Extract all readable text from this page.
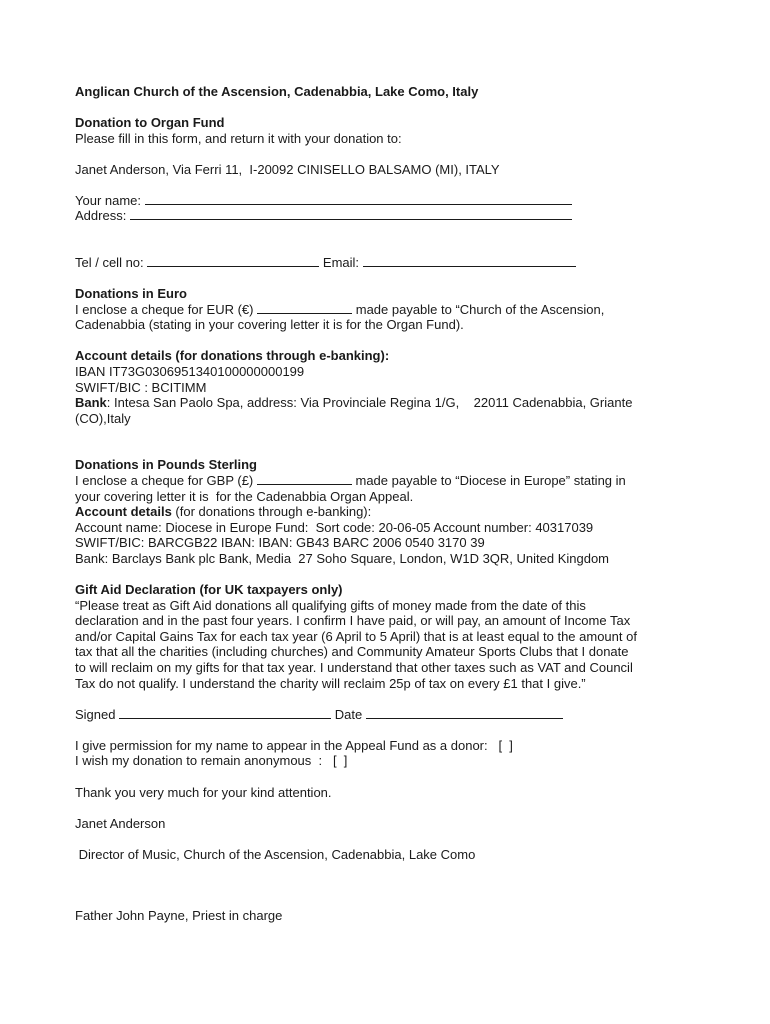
Anglican Church of the Ascension, Cadenabbia, Lake Como, Italy
Donation to Organ Fund
Please fill in this form, and return it with your donation to:
Janet Anderson, Via Ferri 11,  I-20092 CINISELLO BALSAMO (MI), ITALY
Your name:
Address:
Tel / cell no:	Email:
Donations in Euro
I enclose a cheque for EUR (€)	made payable to “Church of the Ascension,
Cadenabbia (stating in your covering letter it is for the Organ Fund).
Account details (for donations through e-banking):
IBAN IT73G0306951340100000000199
SWIFT/BIC : BCITIMM
Bank: Intesa San Paolo Spa, address: Via Provinciale Regina 1/G,    22011 Cadenabbia, Griante
(CO),Italy
Donations in Pounds Sterling
I enclose a cheque for GBP (£)	made payable to “Diocese in Europe” stating in
your covering letter it is  for the Cadenabbia Organ Appeal.
Account details (for donations through e-banking):
Account name: Diocese in Europe Fund:  Sort code: 20-06-05 Account number: 40317039
SWIFT/BIC: BARCGB22 IBAN: IBAN: GB43 BARC 2006 0540 3170 39
Bank: Barclays Bank plc Bank, Media  27 Soho Square, London, W1D 3QR, United Kingdom
Gift Aid Declaration (for UK taxpayers only)
“Please treat as Gift Aid donations all qualifying gifts of money made from the date of this
declaration and in the past four years. I confirm I have paid, or will pay, an amount of Income Tax
and/or Capital Gains Tax for each tax year (6 April to 5 April) that is at least equal to the amount of
tax that all the charities (including churches) and Community Amateur Sports Clubs that I donate
to will reclaim on my gifts for that tax year. I understand that other taxes such as VAT and Council
Tax do not qualify. I understand the charity will reclaim 25p of tax on every £1 that I give.”
Signed	Date
I give permission for my name to appear in the Appeal Fund as a donor:   [  ]
I wish my donation to remain anonymous  :   [  ]
Thank you very much for your kind attention.
Janet Anderson
Director of Music, Church of the Ascension, Cadenabbia, Lake Como
Father John Payne, Priest in charge
